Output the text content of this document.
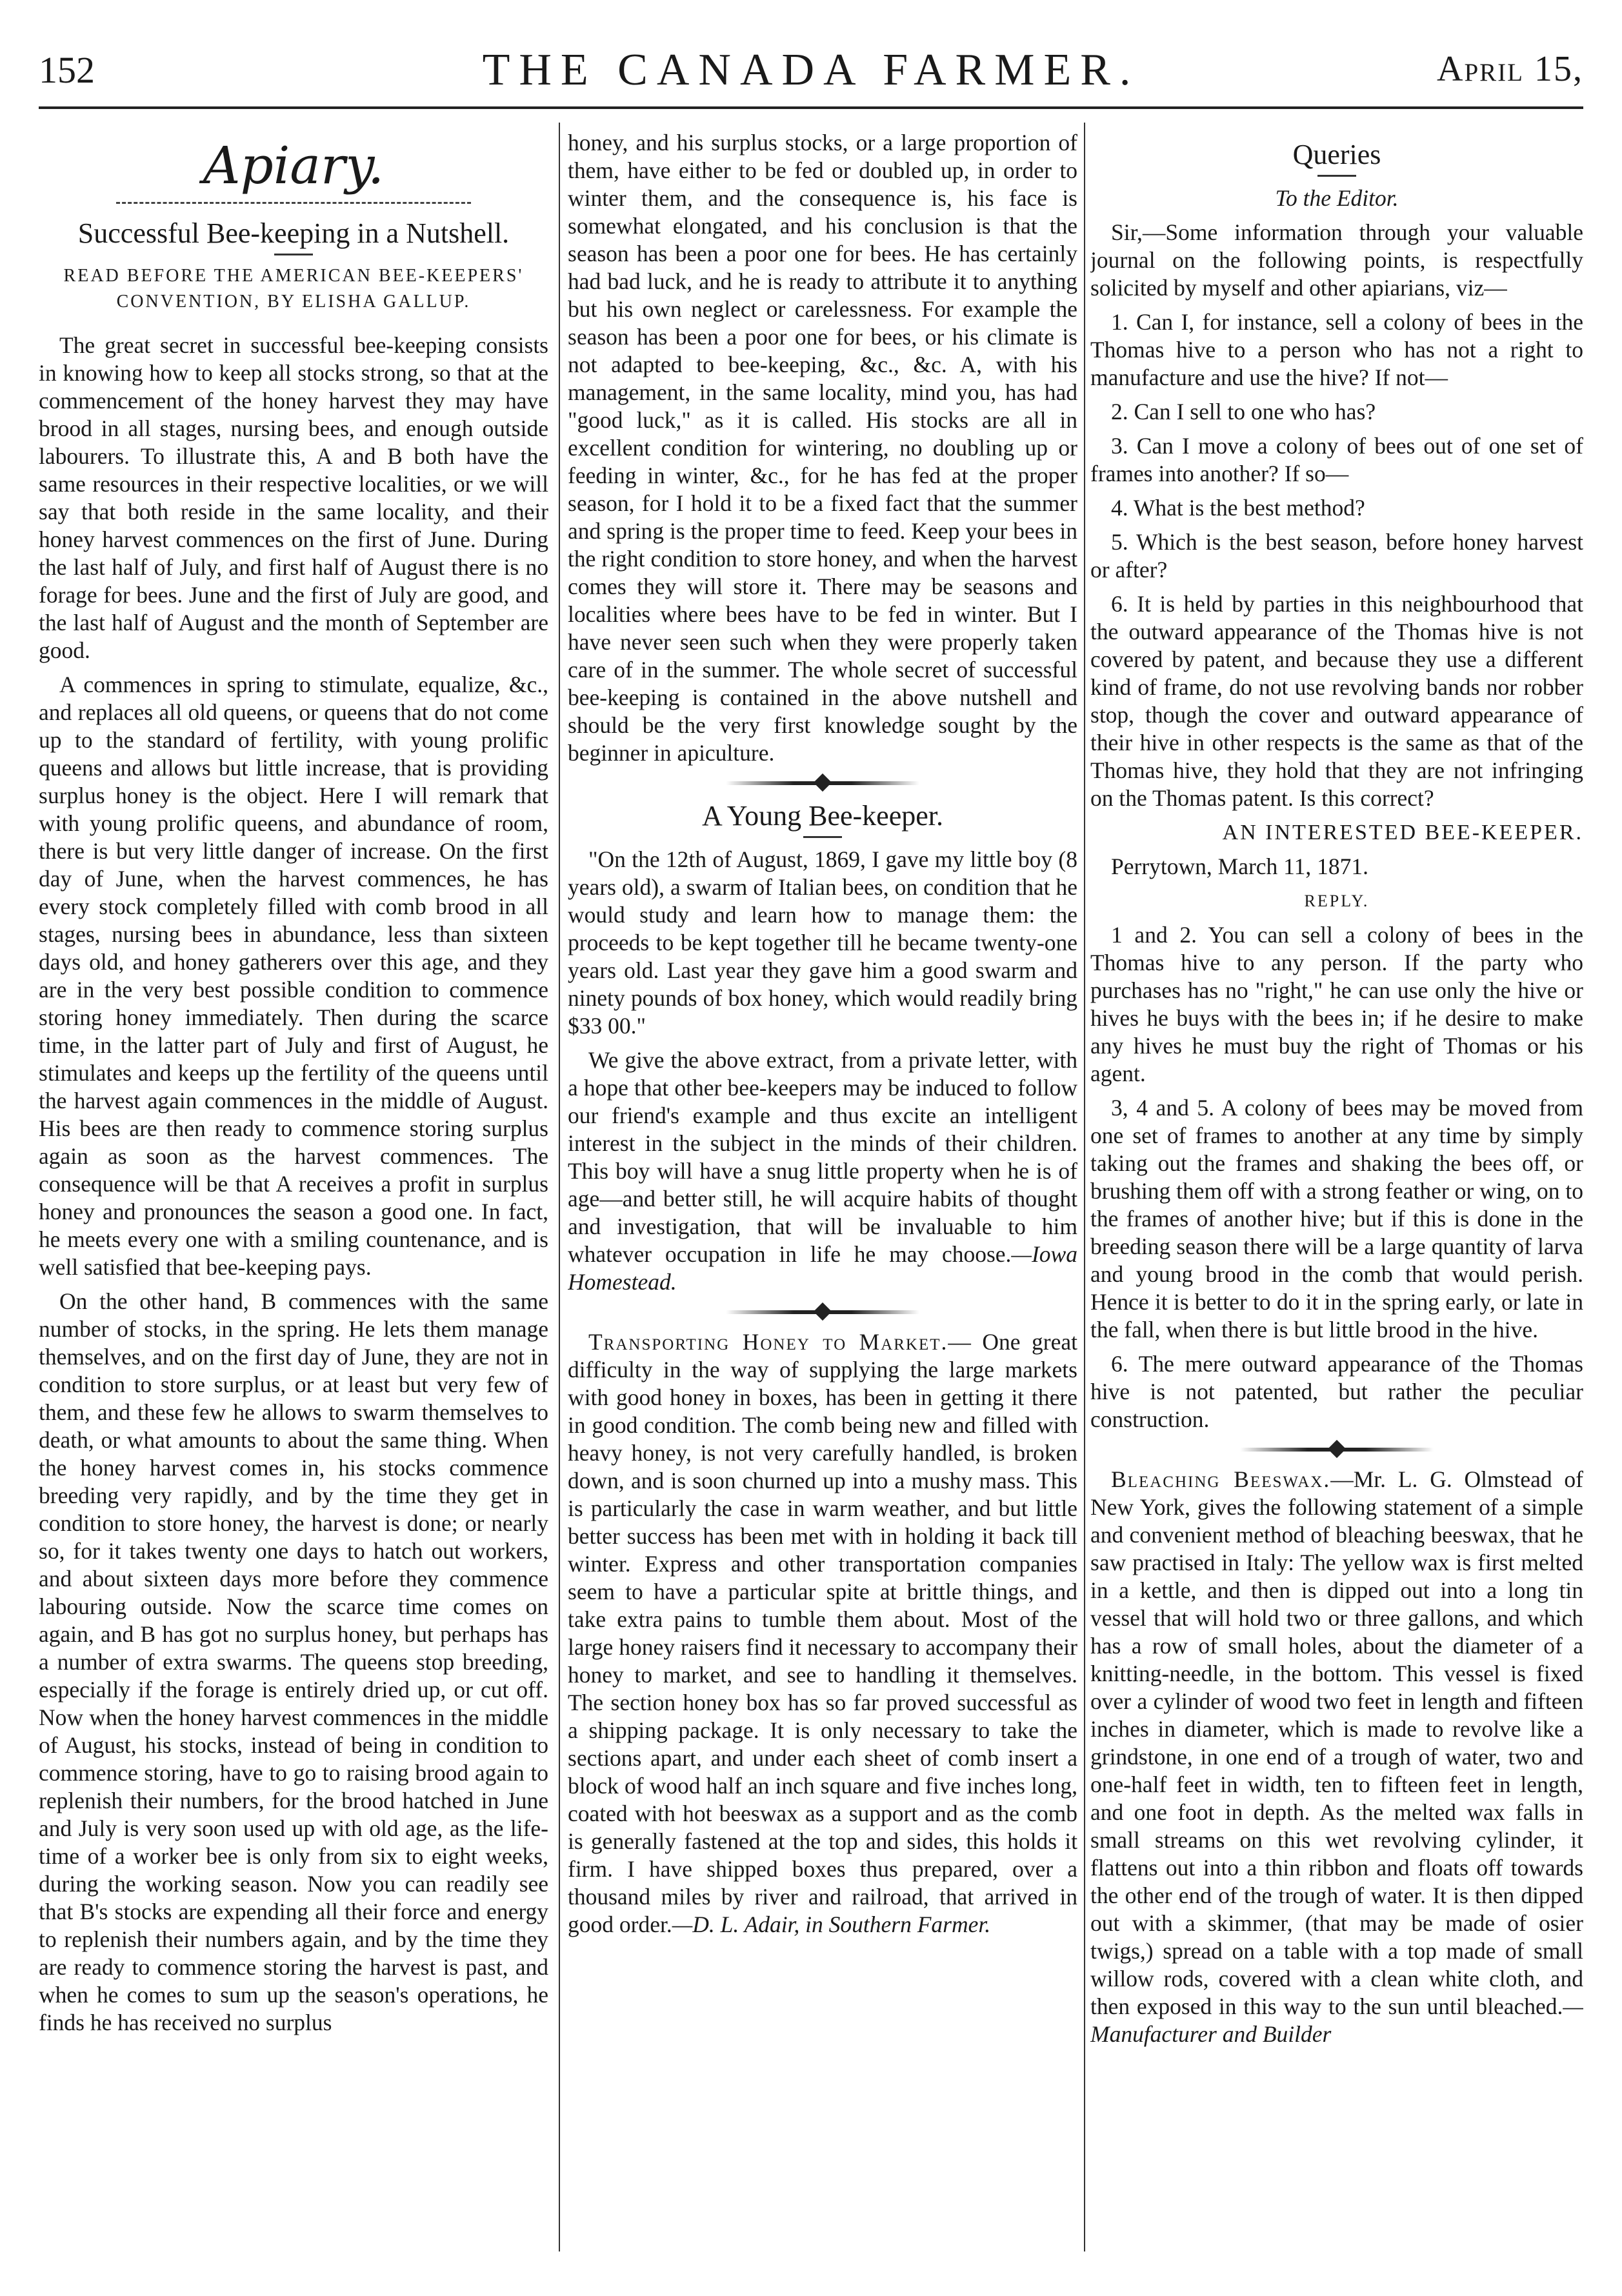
152	THE CANADA FARMER.	April 15,
Apiary.
Successful Bee-keeping in a Nutshell.
READ BEFORE THE AMERICAN BEE-KEEPERS' CONVENTION, BY ELISHA GALLUP.

The great secret in successful bee-keeping consists in knowing how to keep all stocks strong, so that at the commencement of the honey harvest they may have brood in all stages, nursing bees, and enough outside labourers. To illustrate this, A and B both have the same resources in their respective localities, or we will say that both reside in the same locality, and their honey harvest commences on the first of June. During the last half of July, and first half of August there is no forage for bees. June and the first of July are good, and the last half of August and the month of September are good.

A commences in spring to stimulate, equalize, &c., and replaces all old queens, or queens that do not come up to the standard of fertility, with young prolific queens and allows but little increase, that is providing surplus honey is the object. Here I will remark that with young prolific queens, and abundance of room, there is but very little danger of increase. On the first day of June, when the harvest commences, he has every stock completely filled with comb brood in all stages, nursing bees in abundance, less than sixteen days old, and honey gatherers over this age, and they are in the very best possible condition to commence storing honey immediately. Then during the scarce time, in the latter part of July and first of August, he stimulates and keeps up the fertility of the queens until the harvest again commences in the middle of August. His bees are then ready to commence storing surplus again as soon as the harvest commences. The consequence will be that A receives a profit in surplus honey and pronounces the season a good one. In fact, he meets every one with a smiling countenance, and is well satisfied that bee-keeping pays.

On the other hand, B commences with the same number of stocks, in the spring. He lets them manage themselves, and on the first day of June, they are not in condition to store surplus, or at least but very few of them, and these few he allows to swarm themselves to death, or what amounts to about the same thing. When the honey harvest comes in, his stocks commence breeding very rapidly, and by the time they get in condition to store honey, the harvest is done; or nearly so, for it takes twenty one days to hatch out workers, and about sixteen days more before they commence labouring outside. Now the scarce time comes on again, and B has got no surplus honey, but perhaps has a number of extra swarms. The queens stop breeding, especially if the forage is entirely dried up, or cut off. Now when the honey harvest commences in the middle of August, his stocks, instead of being in condition to commence storing, have to go to raising brood again to replenish their numbers, for the brood hatched in June and July is very soon used up with old age, as the life-time of a worker bee is only from six to eight weeks, during the working season. Now you can readily see that B's stocks are expending all their force and energy to replenish their numbers again, and by the time they are ready to commence storing the harvest is past, and when he comes to sum up the season's operations, he finds he has received no surplus

honey, and his surplus stocks, or a large proportion of them, have either to be fed or doubled up, in order to winter them, and the consequence is, his face is somewhat elongated, and his conclusion is that the season has been a poor one for bees. He has certainly had bad luck, and he is ready to attribute it to anything but his own neglect or carelessness. For example the season has been a poor one for bees, or his climate is not adapted to bee-keeping, &c., &c. A, with his management, in the same locality, mind you, has had "good luck," as it is called. His stocks are all in excellent condition for wintering, no doubling up or feeding in winter, &c., for he has fed at the proper season, for I hold it to be a fixed fact that the summer and spring is the proper time to feed. Keep your bees in the right condition to store honey, and when the harvest comes they will store it. There may be seasons and localities where bees have to be fed in winter. But I have never seen such when they were properly taken care of in the summer. The whole secret of successful bee-keeping is contained in the above nutshell and should be the very first knowledge sought by the beginner in apiculture.

A Young Bee-keeper.

"On the 12th of August, 1869, I gave my little boy (8 years old), a swarm of Italian bees, on condition that he would study and learn how to manage them: the proceeds to be kept together till he became twenty-one years old. Last year they gave him a good swarm and ninety pounds of box honey, which would readily bring $33 00."

We give the above extract, from a private letter, with a hope that other bee-keepers may be induced to follow our friend's example and thus excite an intelligent interest in the subject in the minds of their children. This boy will have a snug little property when he is of age—and better still, he will acquire habits of thought and investigation, that will be invaluable to him whatever occupation in life he may choose.—Iowa Homestead.

Transporting Honey to Market.— One great difficulty in the way of supplying the large markets with good honey in boxes, has been in getting it there in good condition. The comb being new and filled with heavy honey, is not very carefully handled, is broken down, and is soon churned up into a mushy mass. This is particularly the case in warm weather, and but little better success has been met with in holding it back till winter. Express and other transportation companies seem to have a particular spite at brittle things, and take extra pains to tumble them about. Most of the large honey raisers find it necessary to accompany their honey to market, and see to handling it themselves. The section honey box has so far proved successful as a shipping package. It is only necessary to take the sections apart, and under each sheet of comb insert a block of wood half an inch square and five inches long, coated with hot beeswax as a support and as the comb is generally fastened at the top and sides, this holds it firm. I have shipped boxes thus prepared, over a thousand miles by river and railroad, that arrived in good order.—D. L. Adair, in Southern Farmer.

Queries

To the Editor.

Sir,—Some information through your valuable journal on the following points, is respectfully solicited by myself and other apiarians, viz—

1. Can I, for instance, sell a colony of bees in the Thomas hive to a person who has not a right to manufacture and use the hive? If not—

2. Can I sell to one who has?

3. Can I move a colony of bees out of one set of frames into another? If so—

4. What is the best method?

5. Which is the best season, before honey harvest or after?

6. It is held by parties in this neighbourhood that the outward appearance of the Thomas hive is not covered by patent, and because they use a different kind of frame, do not use revolving bands nor robber stop, though the cover and outward appearance of their hive in other respects is the same as that of the Thomas hive, they hold that they are not infringing on the Thomas patent. Is this correct?

AN INTERESTED BEE-KEEPER.

Perrytown, March 11, 1871.

REPLY.

1 and 2. You can sell a colony of bees in the Thomas hive to any person. If the party who purchases has no "right," he can use only the hive or hives he buys with the bees in; if he desire to make any hives he must buy the right of Thomas or his agent.

3, 4 and 5. A colony of bees may be moved from one set of frames to another at any time by simply taking out the frames and shaking the bees off, or brushing them off with a strong feather or wing, on to the frames of another hive; but if this is done in the breeding season there will be a large quantity of larva and young brood in the comb that would perish. Hence it is better to do it in the spring early, or late in the fall, when there is but little brood in the hive.

6. The mere outward appearance of the Thomas hive is not patented, but rather the peculiar construction.

Bleaching Beeswax.—Mr. L. G. Olmstead of New York, gives the following statement of a simple and convenient method of bleaching beeswax, that he saw practised in Italy: The yellow wax is first melted in a kettle, and then is dipped out into a long tin vessel that will hold two or three gallons, and which has a row of small holes, about the diameter of a knitting-needle, in the bottom. This vessel is fixed over a cylinder of wood two feet in length and fifteen inches in diameter, which is made to revolve like a grindstone, in one end of a trough of water, two and one-half feet in width, ten to fifteen feet in length, and one foot in depth. As the melted wax falls in small streams on this wet revolving cylinder, it flattens out into a thin ribbon and floats off towards the other end of the trough of water. It is then dipped out with a skimmer, (that may be made of osier twigs,) spread on a table with a top made of small willow rods, covered with a clean white cloth, and then exposed in this way to the sun until bleached.—Manufacturer and Builder
